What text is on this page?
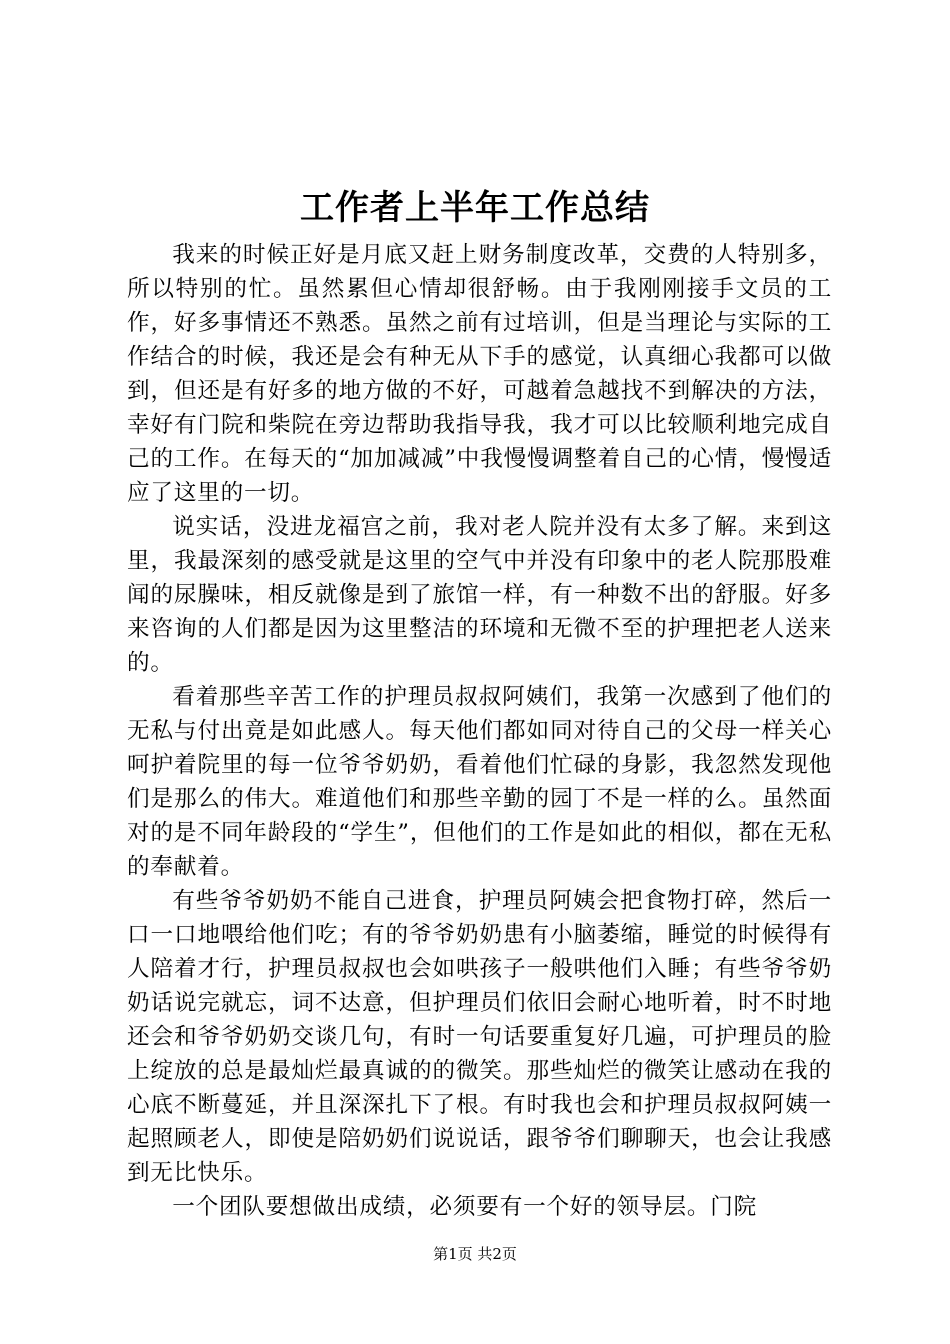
工作者上半年工作总结

我来的时候正好是月底又赶上财务制度改革，交费的人特别多，所以特别的忙。虽然累但心情却很舒畅。由于我刚刚接手文员的工作，好多事情还不熟悉。虽然之前有过培训，但是当理论与实际的工作结合的时候，我还是会有种无从下手的感觉，认真细心我都可以做到，但还是有好多的地方做的不好，可越着急越找不到解决的方法，幸好有门院和柴院在旁边帮助我指导我，我才可以比较顺利地完成自己的工作。在每天的“加加减减”中我慢慢调整着自己的心情，慢慢适应了这里的一切。

说实话，没进龙福宫之前，我对老人院并没有太多了解。来到这里，我最深刻的感受就是这里的空气中并没有印象中的老人院那股难闻的尿臊味，相反就像是到了旅馆一样，有一种数不出的舒服。好多来咨询的人们都是因为这里整洁的环境和无微不至的护理把老人送来的。

看着那些辛苦工作的护理员叔叔阿姨们，我第一次感到了他们的无私与付出竟是如此感人。每天他们都如同对待自己的父母一样关心呵护着院里的每一位爷爷奶奶，看着他们忙碌的身影，我忽然发现他们是那么的伟大。难道他们和那些辛勤的园丁不是一样的么。虽然面对的是不同年龄段的“学生”，但他们的工作是如此的相似，都在无私的奉献着。

有些爷爷奶奶不能自己进食，护理员阿姨会把食物打碎，然后一口一口地喂给他们吃；有的爷爷奶奶患有小脑萎缩，睡觉的时候得有人陪着才行，护理员叔叔也会如哄孩子一般哄他们入睡；有些爷爷奶奶话说完就忘，词不达意，但护理员们依旧会耐心地听着，时不时地还会和爷爷奶奶交谈几句，有时一句话要重复好几遍，可护理员的脸上绽放的总是最灿烂最真诚的的微笑。那些灿烂的微笑让感动在我的心底不断蔓延，并且深深扎下了根。有时我也会和护理员叔叔阿姨一起照顾老人，即使是陪奶奶们说说话，跟爷爷们聊聊天，也会让我感到无比快乐。

一个团队要想做出成绩，必须要有一个好的领导层。门院

第1页 共2页
